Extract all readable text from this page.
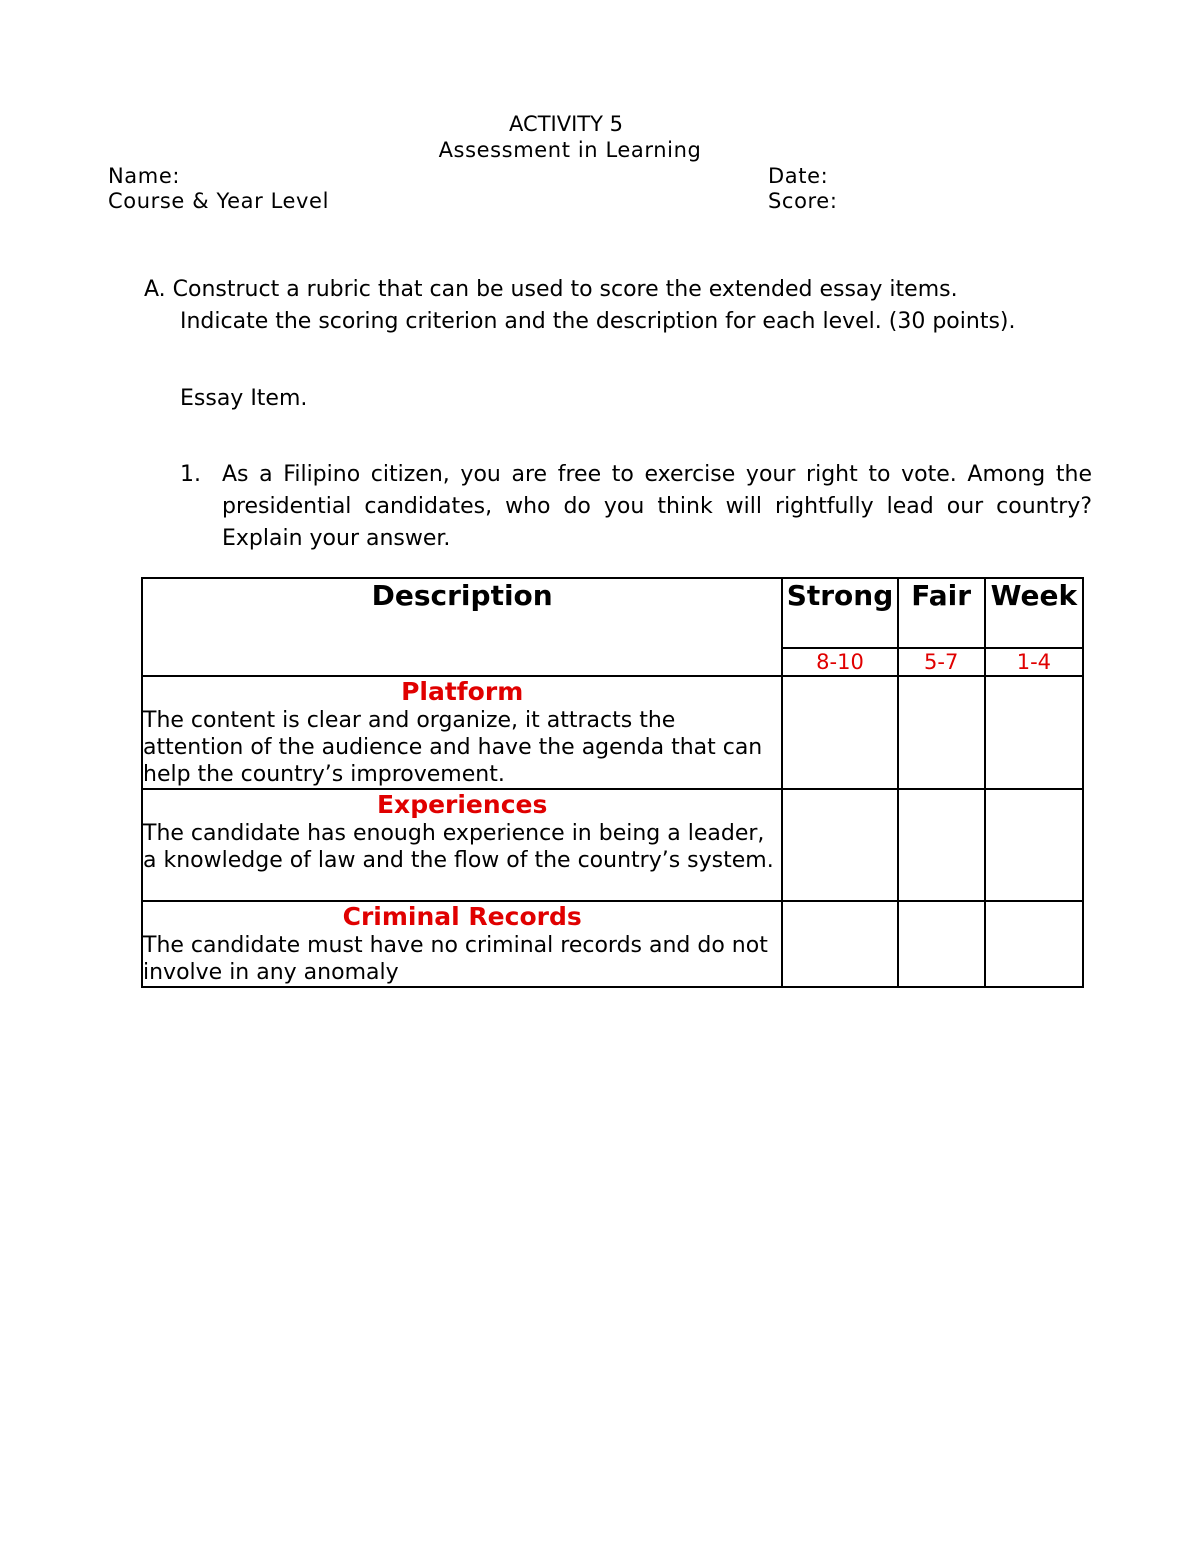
ACTIVITY 5
Assessment in Learning
Name:
Course & Year Level
Date:
Score:
A. Construct a rubric that can be used to score the extended essay items.
Indicate the scoring criterion and the description for each level. (30 points).
Essay Item.
1. As a Filipino citizen, you are free to exercise your right to vote. Among the presidential candidates, who do you think will rightfully lead our country? Explain your answer.
Description	Strong	Fair	Week
	8-10	5-7	1-4

Platform
The content is clear and organize, it attracts the attention of the audience and have the agenda that can help the country’s improvement.			

Experiences
The candidate has enough experience in being a leader, a knowledge of law and the flow of the country’s system.			

Criminal Records
The candidate must have no criminal records and do not involve in any anomaly			
